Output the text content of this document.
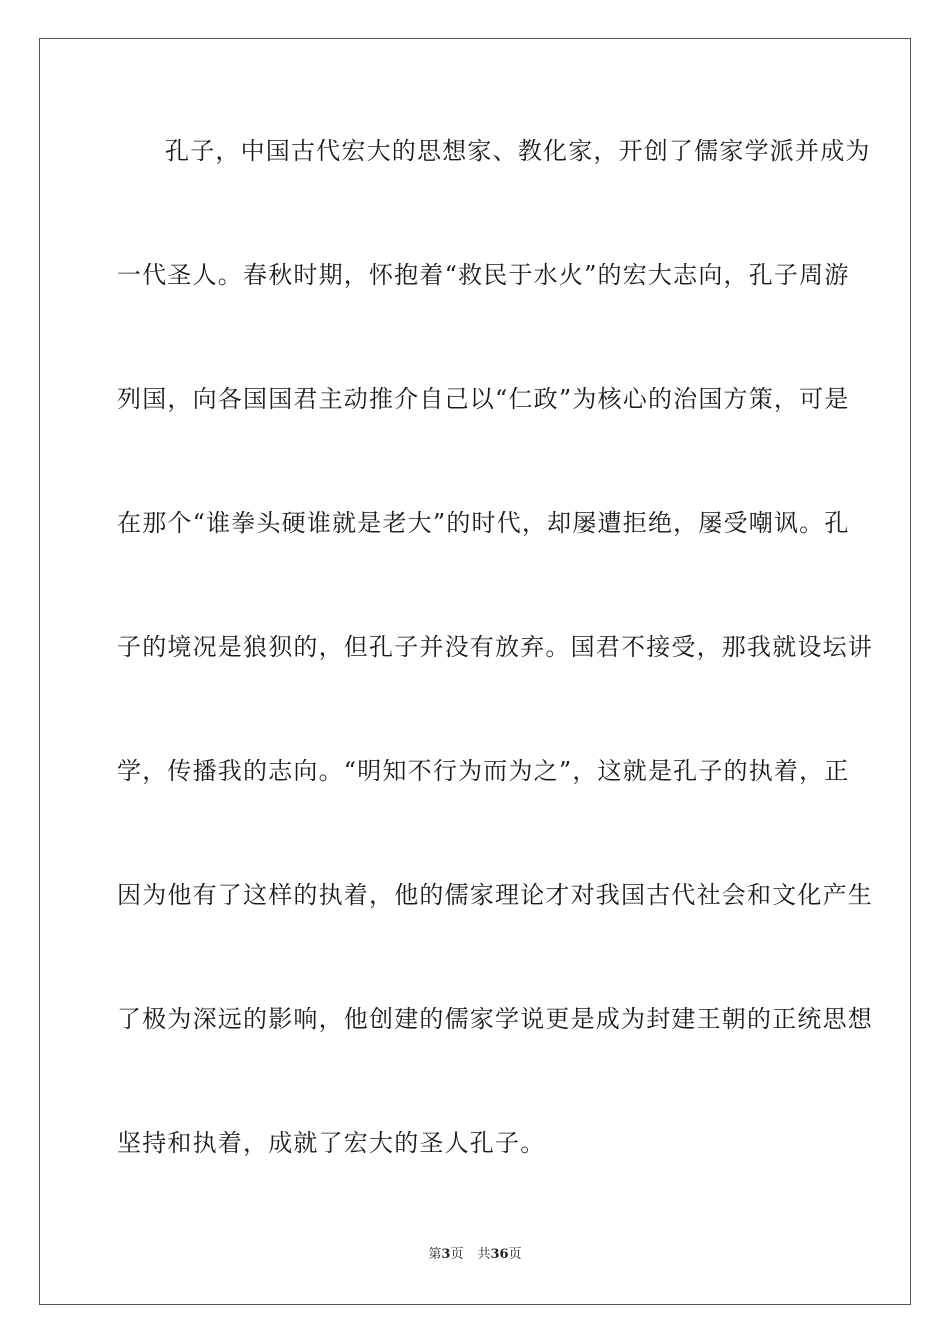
孔子，中国古代宏大的思想家、教化家，开创了儒家学派并成为
一代圣人。春秋时期，怀抱着“救民于水火”的宏大志向，孔子周游
列国，向各国国君主动推介自己以“仁政”为核心的治国方策，可是
在那个“谁拳头硬谁就是老大”的时代，却屡遭拒绝，屡受嘲讽。孔
子的境况是狼狈的，但孔子并没有放弃。国君不接受，那我就设坛讲
学，传播我的志向。“明知不行为而为之”，这就是孔子的执着，正
因为他有了这样的执着，他的儒家理论才对我国古代社会和文化产生
了极为深远的影响，他创建的儒家学说更是成为封建王朝的正统思想
坚持和执着，成就了宏大的圣人孔子。
第3页 共36页
